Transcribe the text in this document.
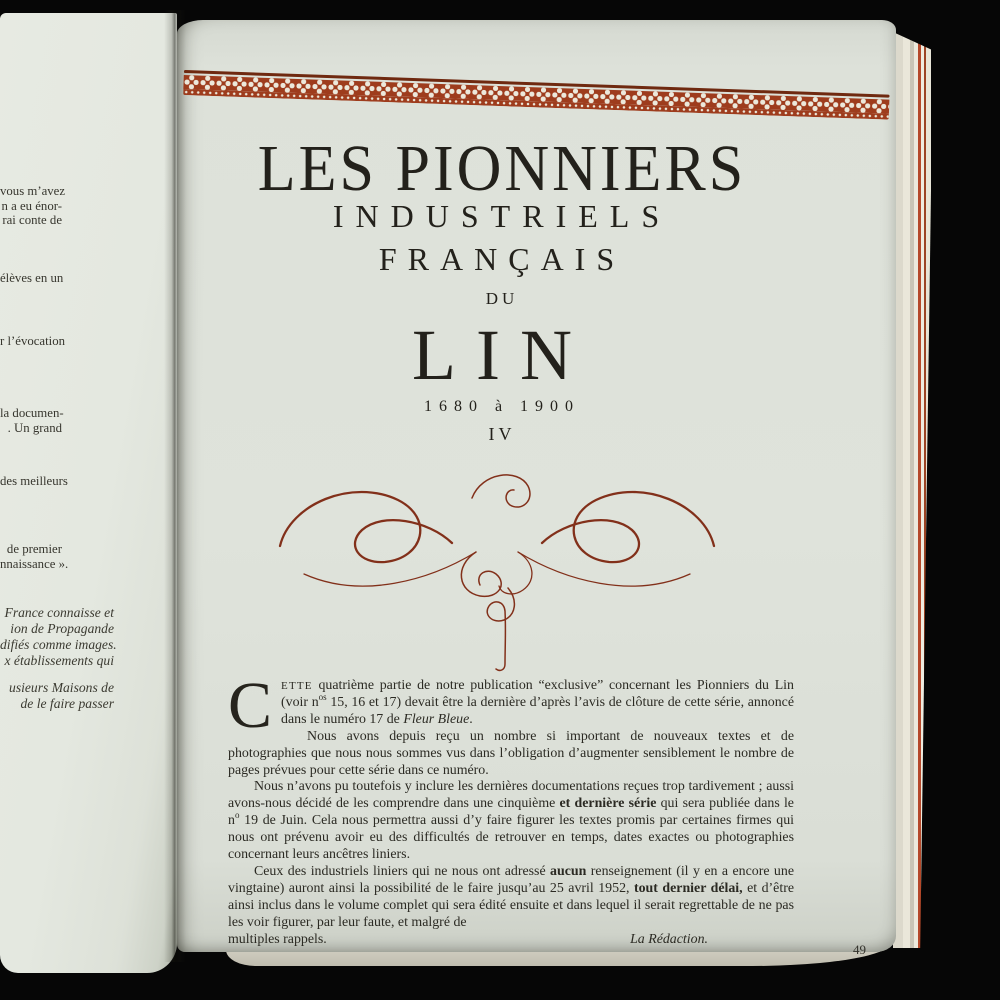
vous m’avez
n a eu énor-
rai conte de
élèves en un
r l’évocation
la documen-
. Un grand
des meilleurs
de premier
nnaissance ».
France connaisse et
ion de Propagande
difiés comme images.
x établissements qui
usieurs Maisons de
de le faire passer
LES PIONNIERS
INDUSTRIELS
FRANÇAIS
DU
LIN
1680 à 1900
IV

CETTE quatrième partie de notre publication “exclusive” concernant les Pionniers du Lin (voir $n^{os}$ 15, 16 et 17) devait être la dernière d’après l’avis de clôture de cette série, annoncé dans le numéro 17 de Fleur Bleue.

Nous avons depuis reçu un nombre si important de nouveaux textes et de photographies que nous nous sommes vus dans l’obligation d’augmenter sensiblement le nombre de pages prévues pour cette série dans ce numéro.

Nous n’avons pu toutefois y inclure les dernières documentations reçues trop tardivement ; aussi avons-nous décidé de les comprendre dans une cinquième et dernière série qui sera publiée dans le $n^o$ 19 de Juin. Cela nous permettra aussi d’y faire figurer les textes promis par certaines firmes qui nous ont prévenu avoir eu des difficultés de retrouver en temps, dates exactes ou photographies concernant leurs ancêtres liniers.

Ceux des industriels liniers qui ne nous ont adressé aucun renseignement (il y en a encore une vingtaine) auront ainsi la possibilité de le faire jusqu’au 25 avril 1952, tout dernier délai, et d’être ainsi inclus dans le volume complet qui sera édité ensuite et dans lequel il serait regrettable de ne pas les voir figurer, par leur faute, et malgré de

multiples rappels.	La Rédaction.
49
